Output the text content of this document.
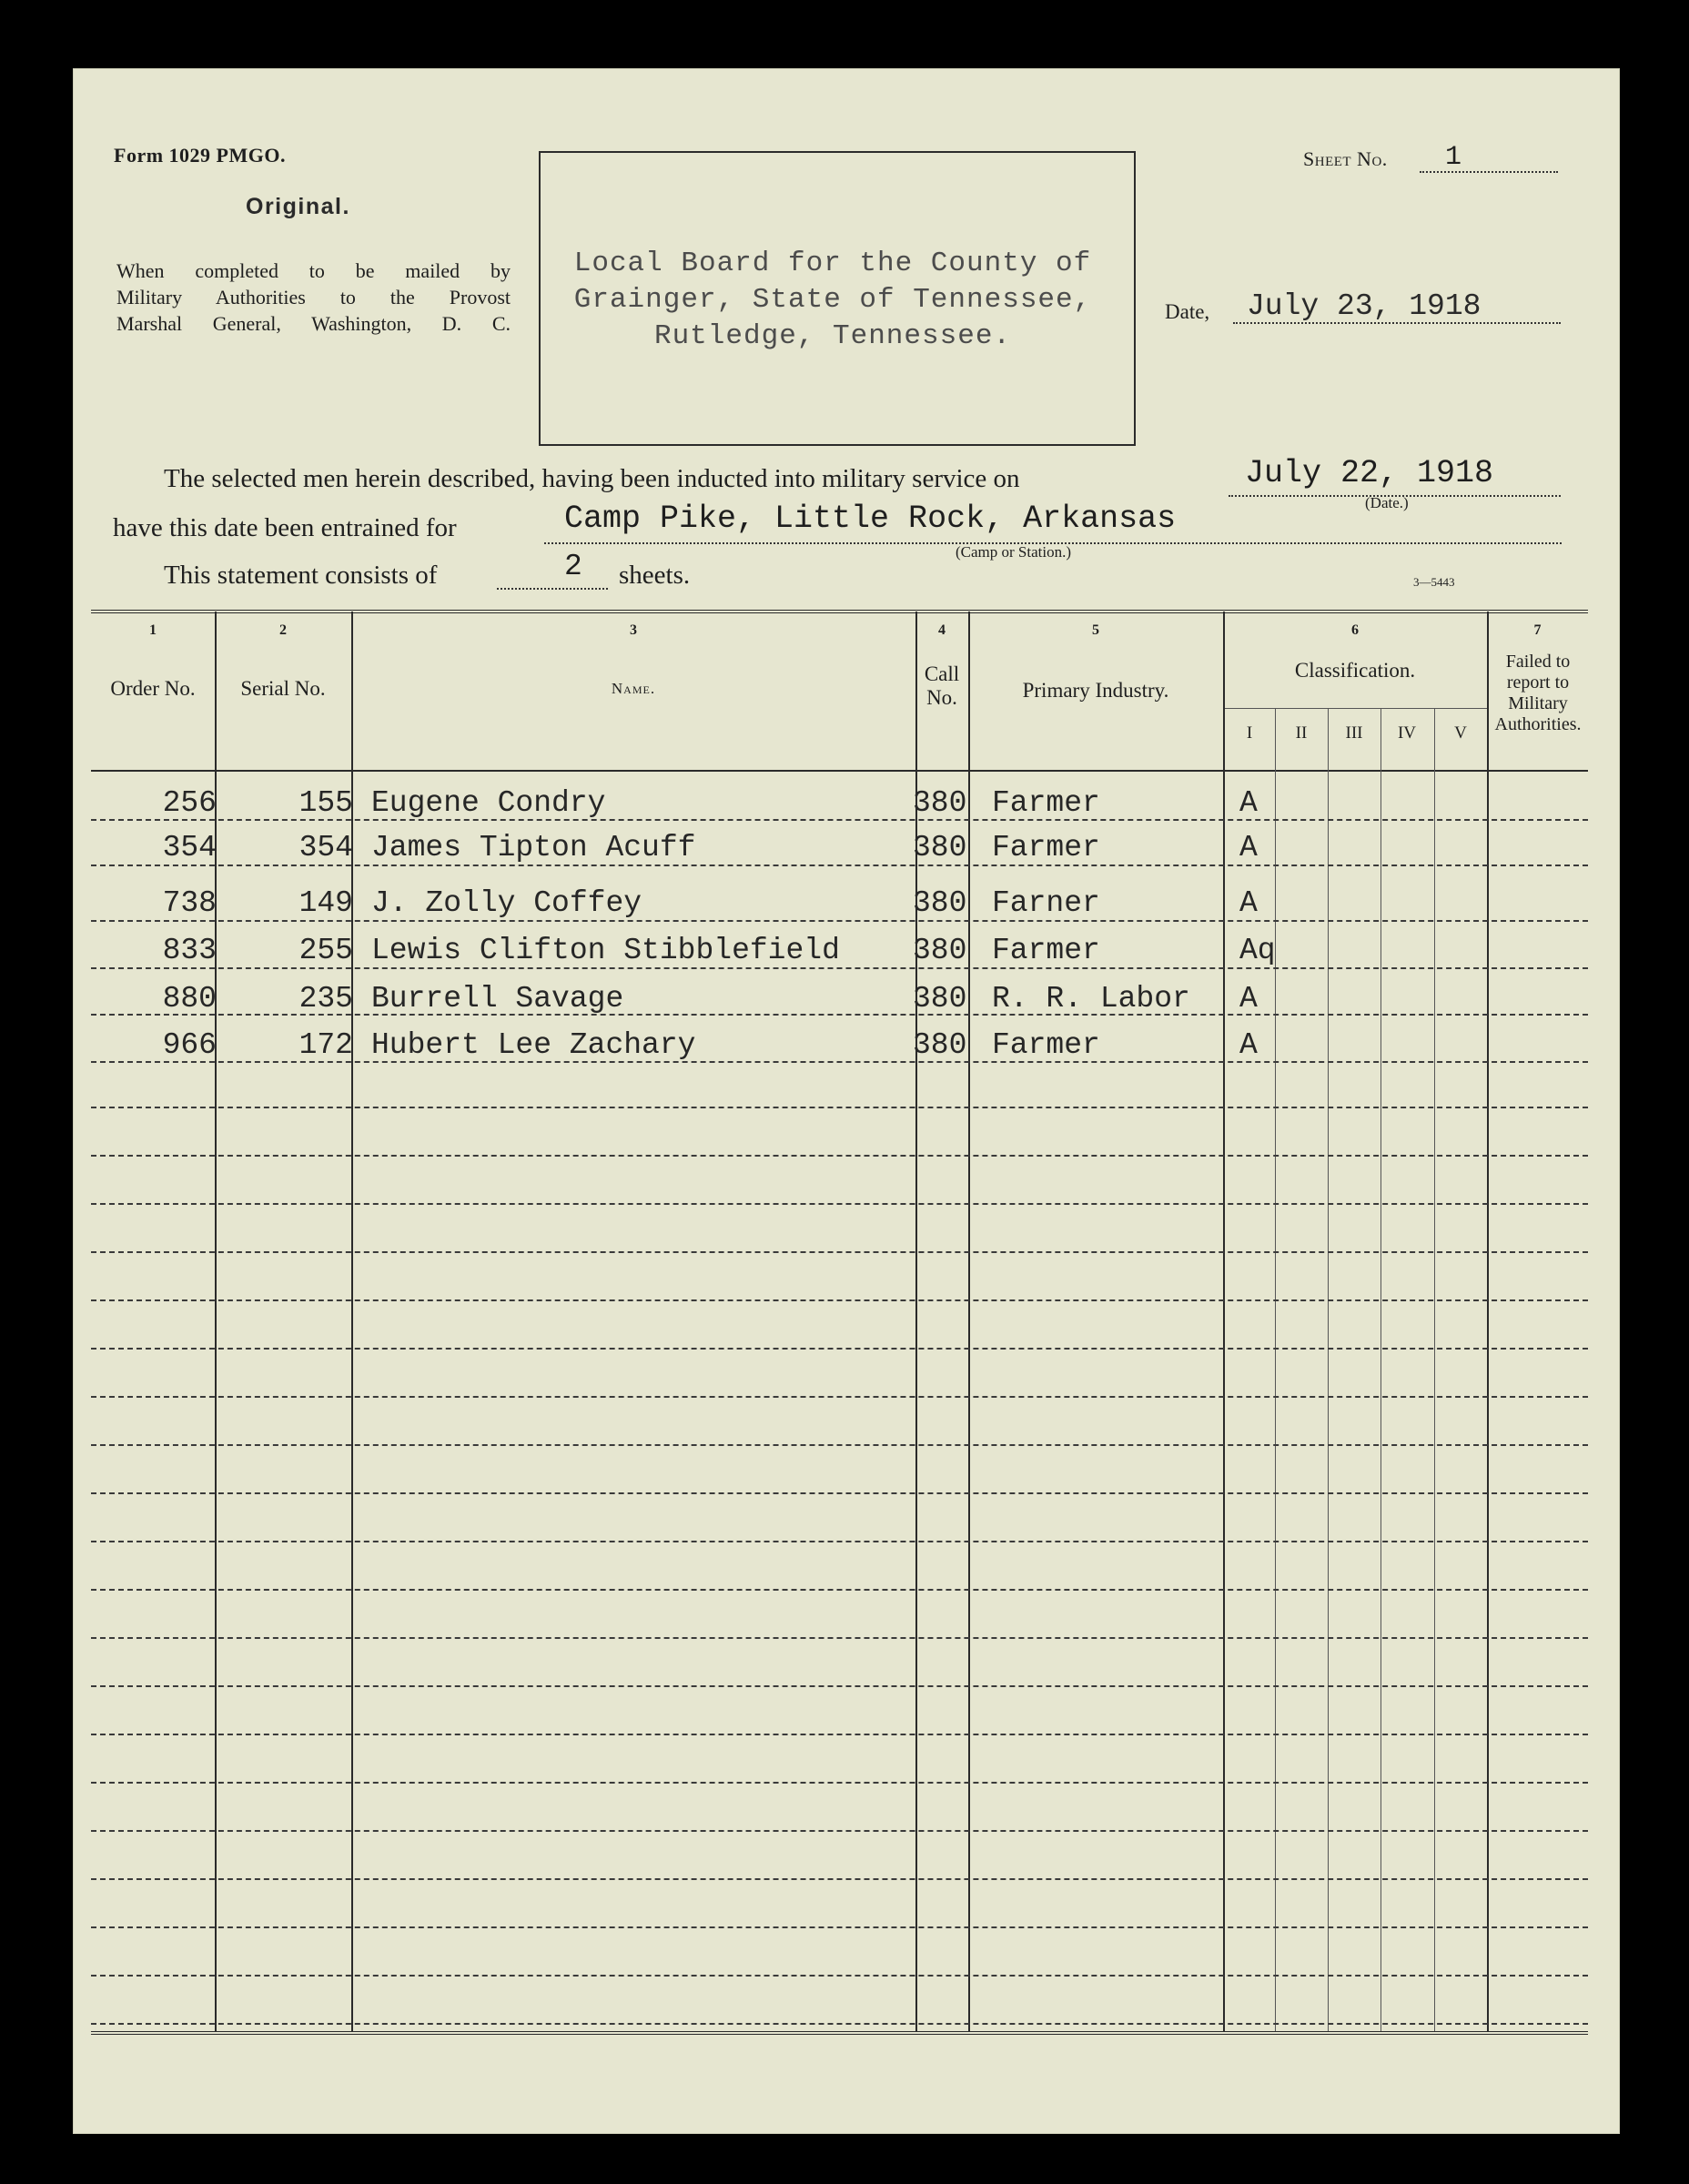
Form 1029 PMGO.
Original.
When completed to be mailed by
Military Authorities to the Provost
Marshal General, Washington, D. C.
Local Board for the County of
Grainger, State of Tennessee,
Rutledge, Tennessee.
Sheet No. 1
Date, July 23, 1918
The selected men herein described, having been inducted into military service on	July 22, 1918
(Date.)
have this date been entrained for	Camp Pike, Little Rock, Arkansas
(Camp or Station.)
This statement consists of	2 sheets.	3—5443
1	2	3	4	5	6	7
Order No.	Serial No.	Name.
Call No.	Primary Industry.
Classification.	Failed to report to Military Authorities.
I	II	III	IV	V
256	155 Eugene Condry	380 Farmer	A
354	354 James Tipton Acuff	380 Farmer	A
738	149 J. Zolly Coffey	380 Farner	A
833	255 Lewis Clifton Stibblefield 380 Farmer	Aq
880	235 Burrell Savage	380 R. R. Labor A
966	172 Hubert Lee Zachary	380 Farmer	A
